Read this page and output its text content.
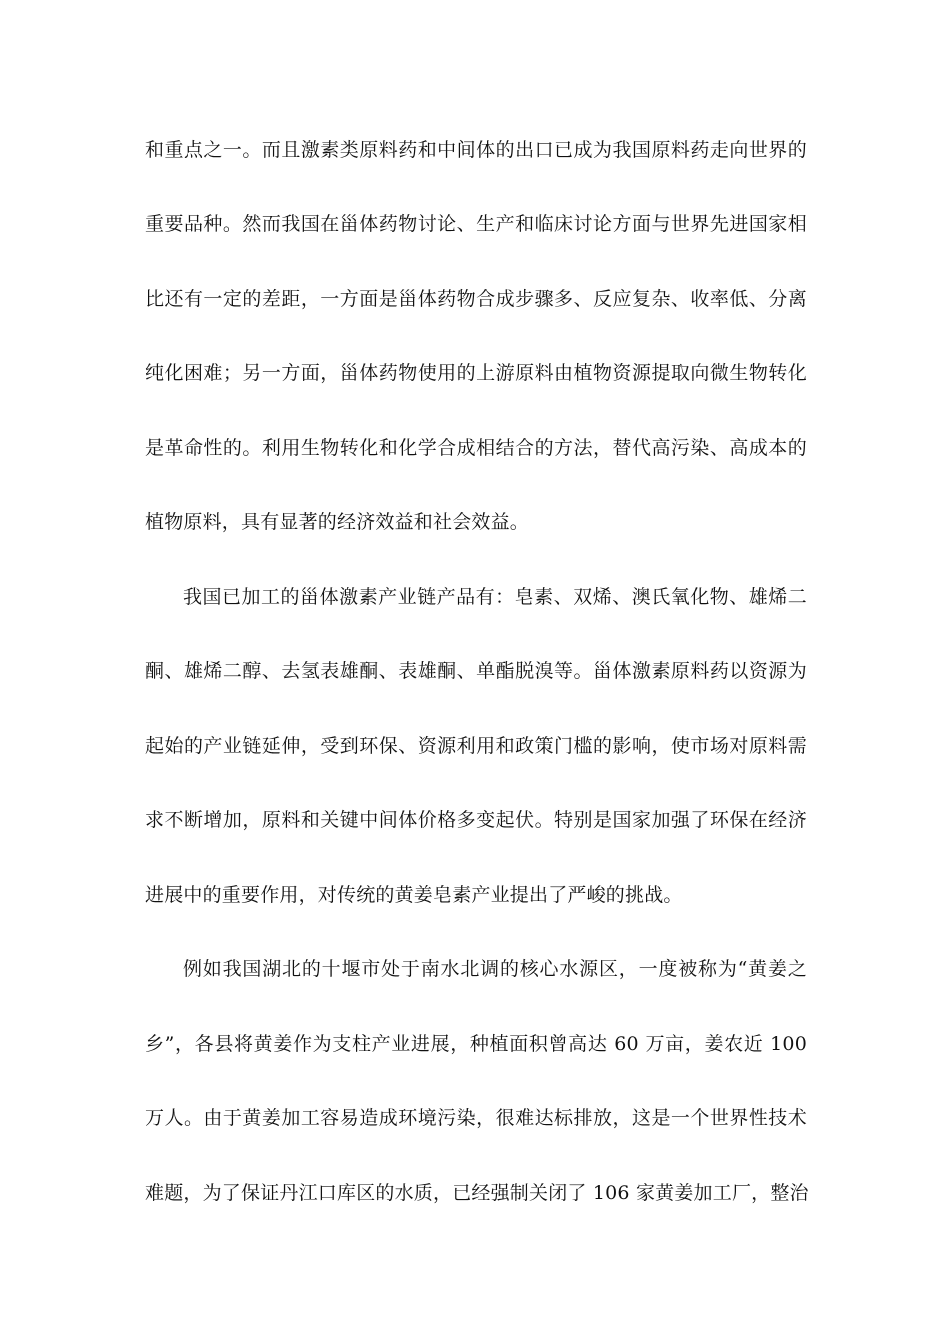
和重点之一。而且激素类原料药和中间体的出口已成为我国原料药走向世界的
重要品种。然而我国在甾体药物讨论、生产和临床讨论方面与世界先进国家相
比还有一定的差距，一方面是甾体药物合成步骤多、反应复杂、收率低、分离
纯化困难；另一方面，甾体药物使用的上游原料由植物资源提取向微生物转化
是革命性的。利用生物转化和化学合成相结合的方法，替代高污染、高成本的
植物原料，具有显著的经济效益和社会效益。
我国已加工的甾体激素产业链产品有：皂素、双烯、澳氏氧化物、雄烯二
酮、雄烯二醇、去氢表雄酮、表雄酮、单酯脱溴等。甾体激素原料药以资源为
起始的产业链延伸，受到环保、资源利用和政策门槛的影响，使市场对原料需
求不断增加，原料和关键中间体价格多变起伏。特别是国家加强了环保在经济
进展中的重要作用，对传统的黄姜皂素产业提出了严峻的挑战。
例如我国湖北的十堰市处于南水北调的核心水源区，一度被称为“黄姜之
乡”，各县将黄姜作为支柱产业进展，种植面积曾高达 60 万亩，姜农近 100
万人。由于黄姜加工容易造成环境污染，很难达标排放，这是一个世界性技术
难题，为了保证丹江口库区的水质，已经强制关闭了 106 家黄姜加工厂，整治
